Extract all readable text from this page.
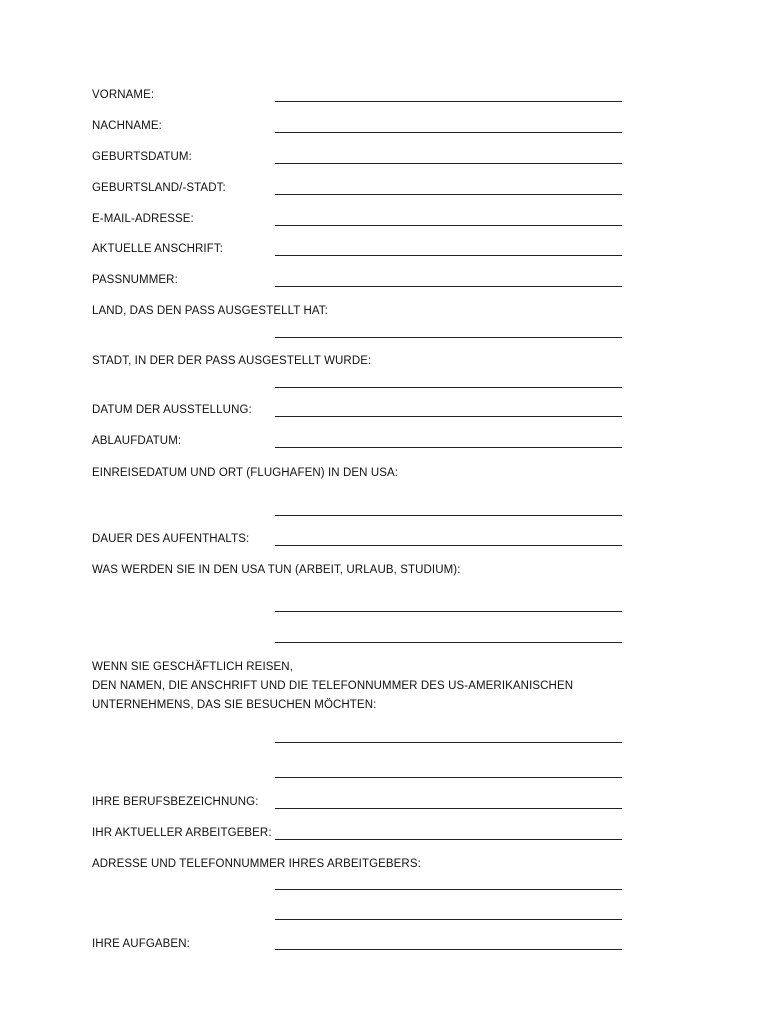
VORNAME:
NACHNAME:
GEBURTSDATUM:
GEBURTSLAND/-STADT:
E-MAIL-ADRESSE:
AKTUELLE ANSCHRIFT:
PASSNUMMER:
LAND, DAS DEN PASS AUSGESTELLT HAT:
STADT, IN DER DER PASS AUSGESTELLT WURDE:
DATUM DER AUSSTELLUNG:
ABLAUFDATUM:
EINREISEDATUM UND ORT (FLUGHAFEN) IN DEN USA:
DAUER DES AUFENTHALTS:
WAS WERDEN SIE IN DEN USA TUN (ARBEIT, URLAUB, STUDIUM):
WENN SIE GESCHÄFTLICH REISEN,
DEN NAMEN, DIE ANSCHRIFT UND DIE TELEFONNUMMER DES US-AMERIKANISCHEN
UNTERNEHMENS, DAS SIE BESUCHEN MÖCHTEN:
IHRE BERUFSBEZEICHNUNG:
IHR AKTUELLER ARBEITGEBER:
ADRESSE UND TELEFONNUMMER IHRES ARBEITGEBERS:
IHRE AUFGABEN:
